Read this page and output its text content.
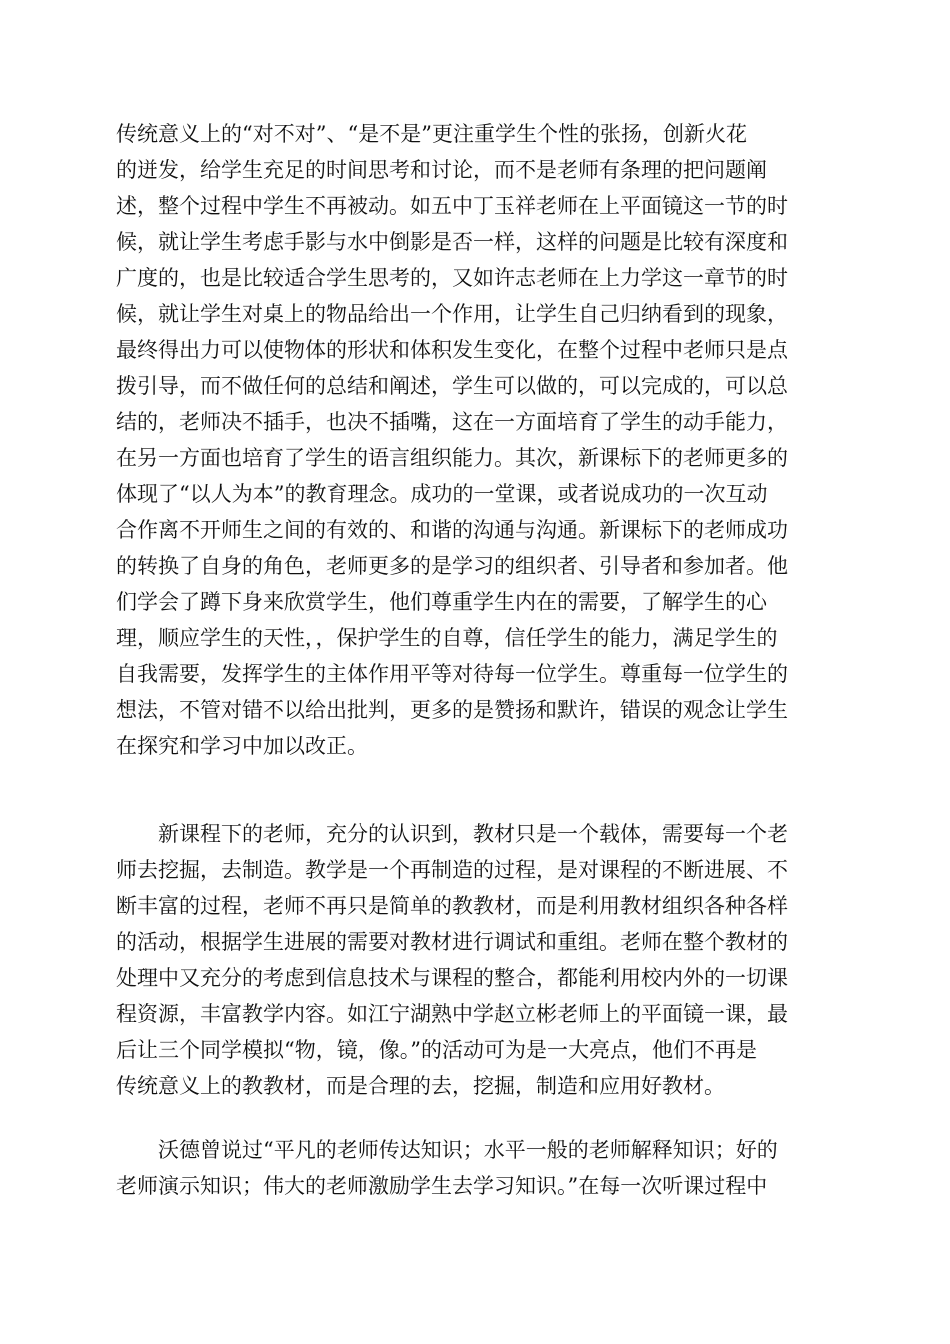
传统意义上的“对不对”、“是不是”更注重学生个性的张扬，创新火花
的迸发，给学生充足的时间思考和讨论，而不是老师有条理的把问题阐
述，整个过程中学生不再被动。如五中丁玉祥老师在上平面镜这一节的时
候，就让学生考虑手影与水中倒影是否一样，这样的问题是比较有深度和
广度的，也是比较适合学生思考的，又如许志老师在上力学这一章节的时
候，就让学生对桌上的物品给出一个作用，让学生自己归纳看到的现象，
最终得出力可以使物体的形状和体积发生变化，在整个过程中老师只是点
拨引导，而不做任何的总结和阐述，学生可以做的，可以完成的，可以总
结的，老师决不插手，也决不插嘴，这在一方面培育了学生的动手能力，
在另一方面也培育了学生的语言组织能力。其次，新课标下的老师更多的
体现了“以人为本”的教育理念。成功的一堂课，或者说成功的一次互动
合作离不开师生之间的有效的、和谐的沟通与沟通。新课标下的老师成功
的转换了自身的角色，老师更多的是学习的组织者、引导者和参加者。他
们学会了蹲下身来欣赏学生，他们尊重学生内在的需要，了解学生的心
理，顺应学生的天性，，保护学生的自尊，信任学生的能力，满足学生的
自我需要，发挥学生的主体作用平等对待每一位学生。尊重每一位学生的
想法，不管对错不以给出批判，更多的是赞扬和默许，错误的观念让学生
在探究和学习中加以改正。
新课程下的老师，充分的认识到，教材只是一个载体，需要每一个老
师去挖掘，去制造。教学是一个再制造的过程，是对课程的不断进展、不
断丰富的过程，老师不再只是简单的教教材，而是利用教材组织各种各样
的活动，根据学生进展的需要对教材进行调试和重组。老师在整个教材的
处理中又充分的考虑到信息技术与课程的整合，都能利用校内外的一切课
程资源，丰富教学内容。如江宁湖熟中学赵立彬老师上的平面镜一课，最
后让三个同学模拟“物，镜，像。”的活动可为是一大亮点，他们不再是
传统意义上的教教材，而是合理的去，挖掘，制造和应用好教材。
沃德曾说过“平凡的老师传达知识；水平一般的老师解释知识；好的
老师演示知识；伟大的老师激励学生去学习知识。”在每一次听课过程中
